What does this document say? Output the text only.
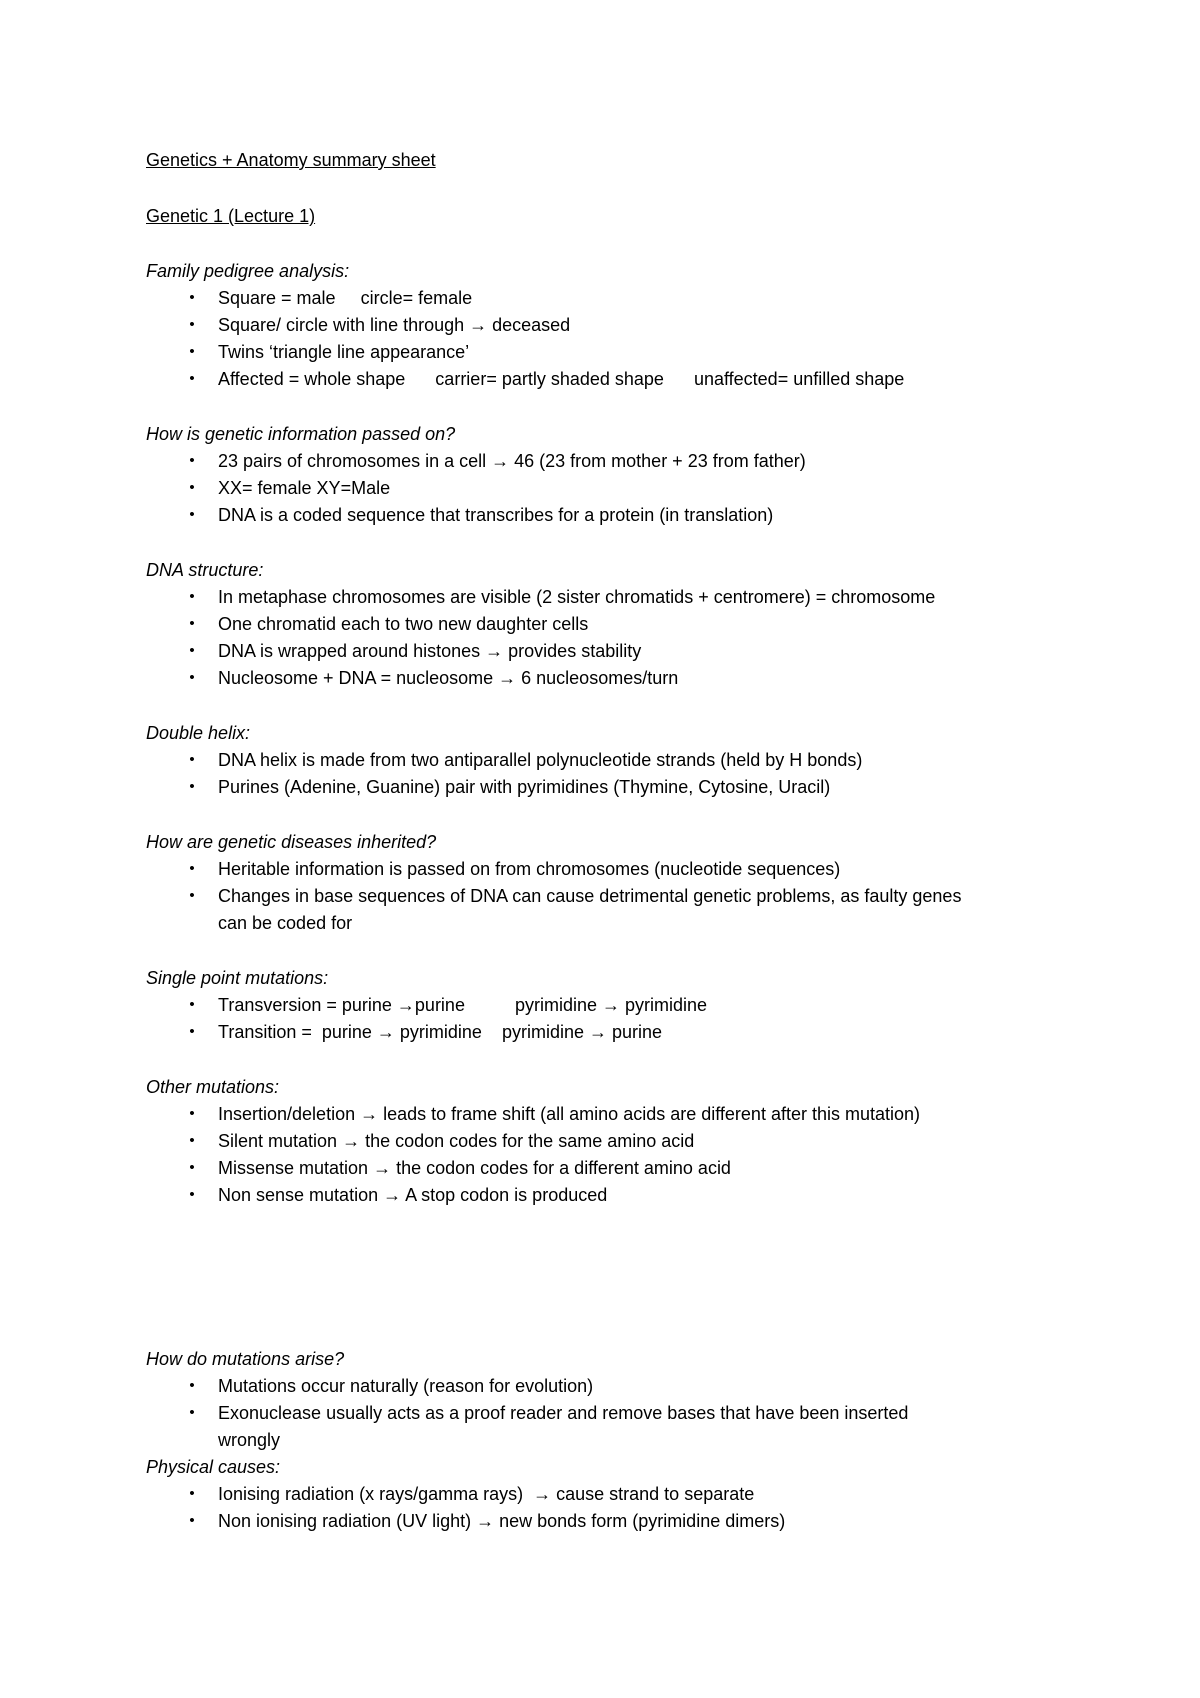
Genetics + Anatomy summary sheet
Genetic 1 (Lecture 1)
Family pedigree analysis:
• Square = male     circle= female
• Square/ circle with line through → deceased
• Twins ‘triangle line appearance’
• Affected = whole shape      carrier= partly shaded shape      unaffected= unfilled shape
How is genetic information passed on?
• 23 pairs of chromosomes in a cell → 46 (23 from mother + 23 from father)
• XX= female XY=Male
• DNA is a coded sequence that transcribes for a protein (in translation)
DNA structure:
• In metaphase chromosomes are visible (2 sister chromatids + centromere) = chromosome
• One chromatid each to two new daughter cells
• DNA is wrapped around histones → provides stability
• Nucleosome + DNA = nucleosome → 6 nucleosomes/turn
Double helix:
• DNA helix is made from two antiparallel polynucleotide strands (held by H bonds)
• Purines (Adenine, Guanine) pair with pyrimidines (Thymine, Cytosine, Uracil)
How are genetic diseases inherited?
• Heritable information is passed on from chromosomes (nucleotide sequences)
• Changes in base sequences of DNA can cause detrimental genetic problems, as faulty genes
can be coded for
Single point mutations:
• Transversion = purine →purine          pyrimidine → pyrimidine
• Transition =  purine → pyrimidine    pyrimidine → purine
Other mutations:
• Insertion/deletion → leads to frame shift (all amino acids are different after this mutation)
• Silent mutation → the codon codes for the same amino acid
• Missense mutation → the codon codes for a different amino acid
• Non sense mutation → A stop codon is produced
How do mutations arise?
• Mutations occur naturally (reason for evolution)
• Exonuclease usually acts as a proof reader and remove bases that have been inserted
wrongly
Physical causes:
• Ionising radiation (x rays/gamma rays)  → cause strand to separate
• Non ionising radiation (UV light) → new bonds form (pyrimidine dimers)
